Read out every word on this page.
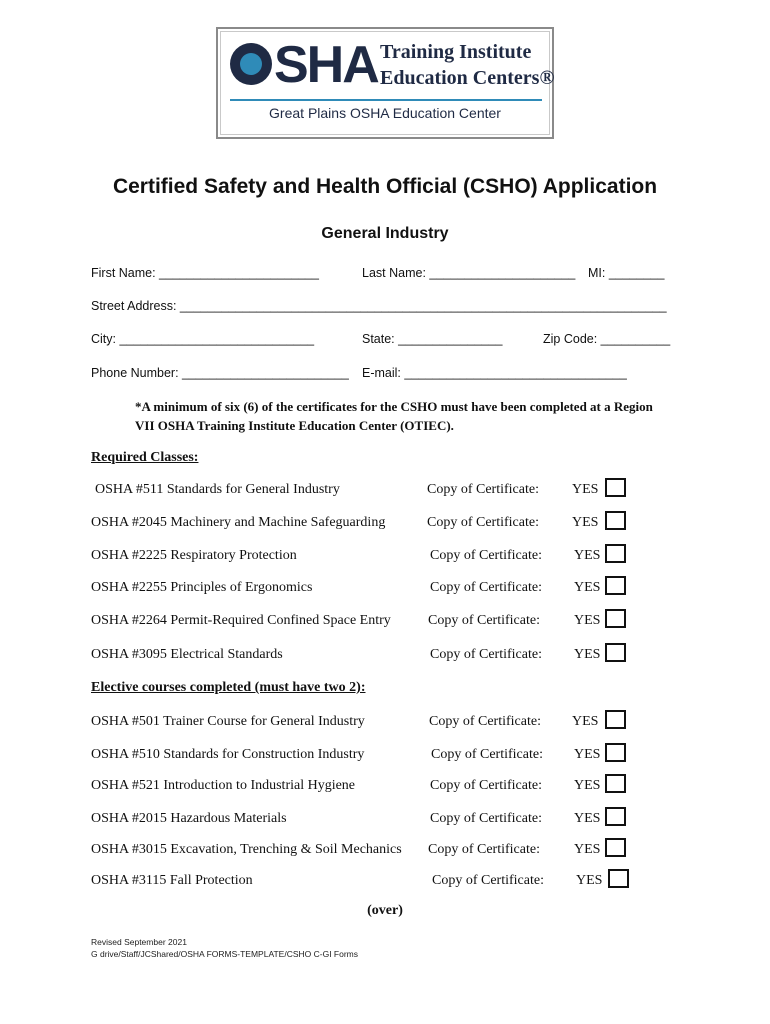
SHA Training Institute
Education Centers®
Great Plains OSHA Education Center
Certified Safety and Health Official (CSHO) Application
General Industry
First Name: _______________________	Last Name: _____________________ MI: ________
Street Address: ______________________________________________________________________
City: ____________________________	State: _______________	Zip Code: __________
Phone Number: ________________________ E-mail: ________________________________
*A minimum of six (6) of the certificates for the CSHO must have been completed at a Region VII OSHA Training Institute Education Center (OTIEC).
Required Classes:
OSHA #511 Standards for General Industry	Copy of Certificate: YES
OSHA #2045 Machinery and Machine Safeguarding	Copy of Certificate: YES
OSHA #2225 Respiratory Protection	Copy of Certificate: YES
OSHA #2255 Principles of Ergonomics	Copy of Certificate: YES
OSHA #2264 Permit-Required Confined Space Entry	Copy of Certificate: YES
OSHA #3095 Electrical Standards	Copy of Certificate: YES
Elective courses completed (must have two 2):
OSHA #501 Trainer Course for General Industry	Copy of Certificate: YES
OSHA #510 Standards for Construction Industry	Copy of Certificate: YES
OSHA #521 Introduction to Industrial Hygiene	Copy of Certificate: YES
OSHA #2015 Hazardous Materials	Copy of Certificate: YES
OSHA #3015 Excavation, Trenching & Soil Mechanics Copy of Certificate: YES
OSHA #3115 Fall Protection	Copy of Certificate: YES
(over)
Revised September 2021
G drive/Staff/JCShared/OSHA FORMS-TEMPLATE/CSHO C-GI Forms
